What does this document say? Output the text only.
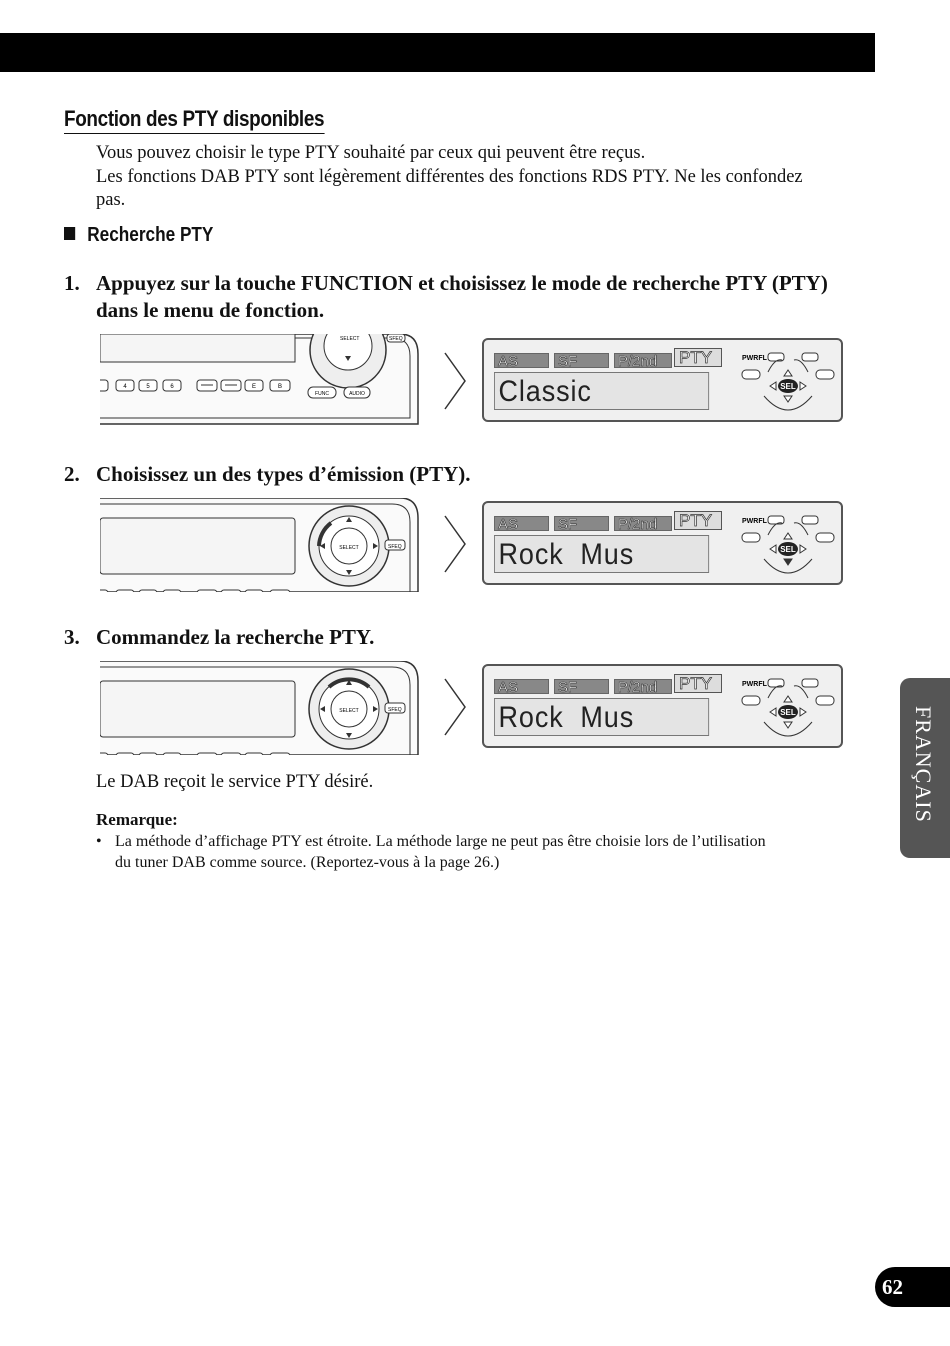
Fonction des PTY disponibles
Vous pouvez choisir le type PTY souhaité par ceux qui peuvent être reçus.
Les fonctions DAB PTY sont légèrement différentes des fonctions RDS PTY. Ne les confondez pas.
Recherche PTY
1. Appuyez sur la touche FUNCTION et choisissez le mode de recherche PTY (PTY) dans le menu de fonction.
SELECT	SFEQ
4	5	6	E	B
FUNC	AUDIO
AS	SF	P/2nd	PTY
Classic
PWRFL
SEL
2. Choisissez un des types d’émission (PTY).
SELECT	SFEQ
AS	SF	P/2nd	PTY
Rock  Mus
PWRFL
SEL
3. Commandez la recherche PTY.
SELECT	SFEQ
AS	SF	P/2nd	PTY
Rock  Mus
PWRFL
SEL
Le DAB reçoit le service PTY désiré.
Remarque:
• La méthode d’affichage PTY est étroite. La méthode large ne peut pas être choisie lors de l’utilisation du tuner DAB comme source. (Reportez-vous à la page 26.)
FRANÇAIS
62
